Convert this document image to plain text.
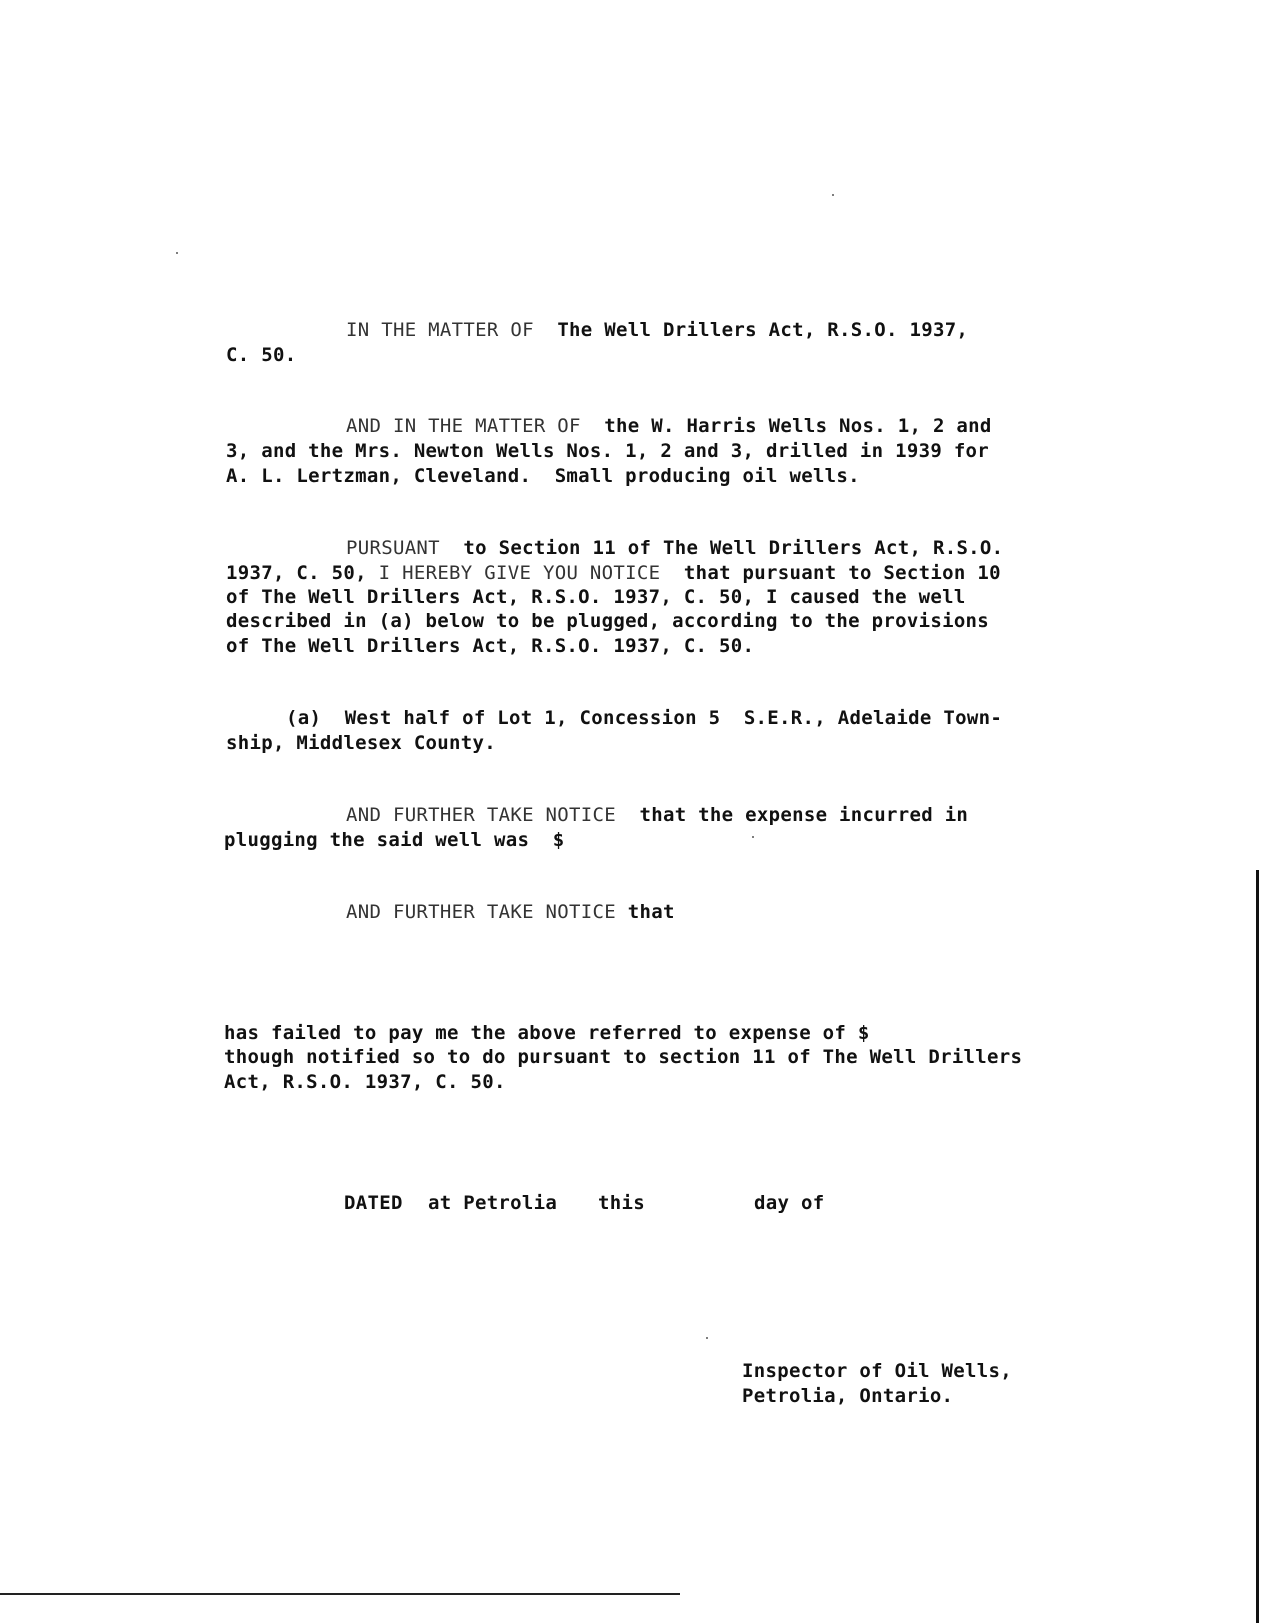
IN THE MATTER OF The Well Drillers Act, R.S.O. 1937,
C. 50.
AND IN THE MATTER OF the W. Harris Wells Nos. 1, 2 and
3, and the Mrs. Newton Wells Nos. 1, 2 and 3, drilled in 1939 for
A. L. Lertzman, Cleveland.  Small producing oil wells.
PURSUANT to Section 11 of The Well Drillers Act, R.S.O.
1937, C. 50, I HEREBY GIVE YOU NOTICE that pursuant to Section 10
of The Well Drillers Act, R.S.O. 1937, C. 50, I caused the well
described in (a) below to be plugged, according to the provisions
of The Well Drillers Act, R.S.O. 1937, C. 50.
(a)  West half of Lot 1, Concession 5  S.E.R., Adelaide Town-
ship, Middlesex County.
AND FURTHER TAKE NOTICE that the expense incurred in
plugging the said well was  $
AND FURTHER TAKE NOTICE that
has failed to pay me the above referred to expense of $
though notified so to do pursuant to section 11 of The Well Drillers
Act, R.S.O. 1937, C. 50.
DATED at Petrolia this	day of
Inspector of Oil Wells,
Petrolia, Ontario.
